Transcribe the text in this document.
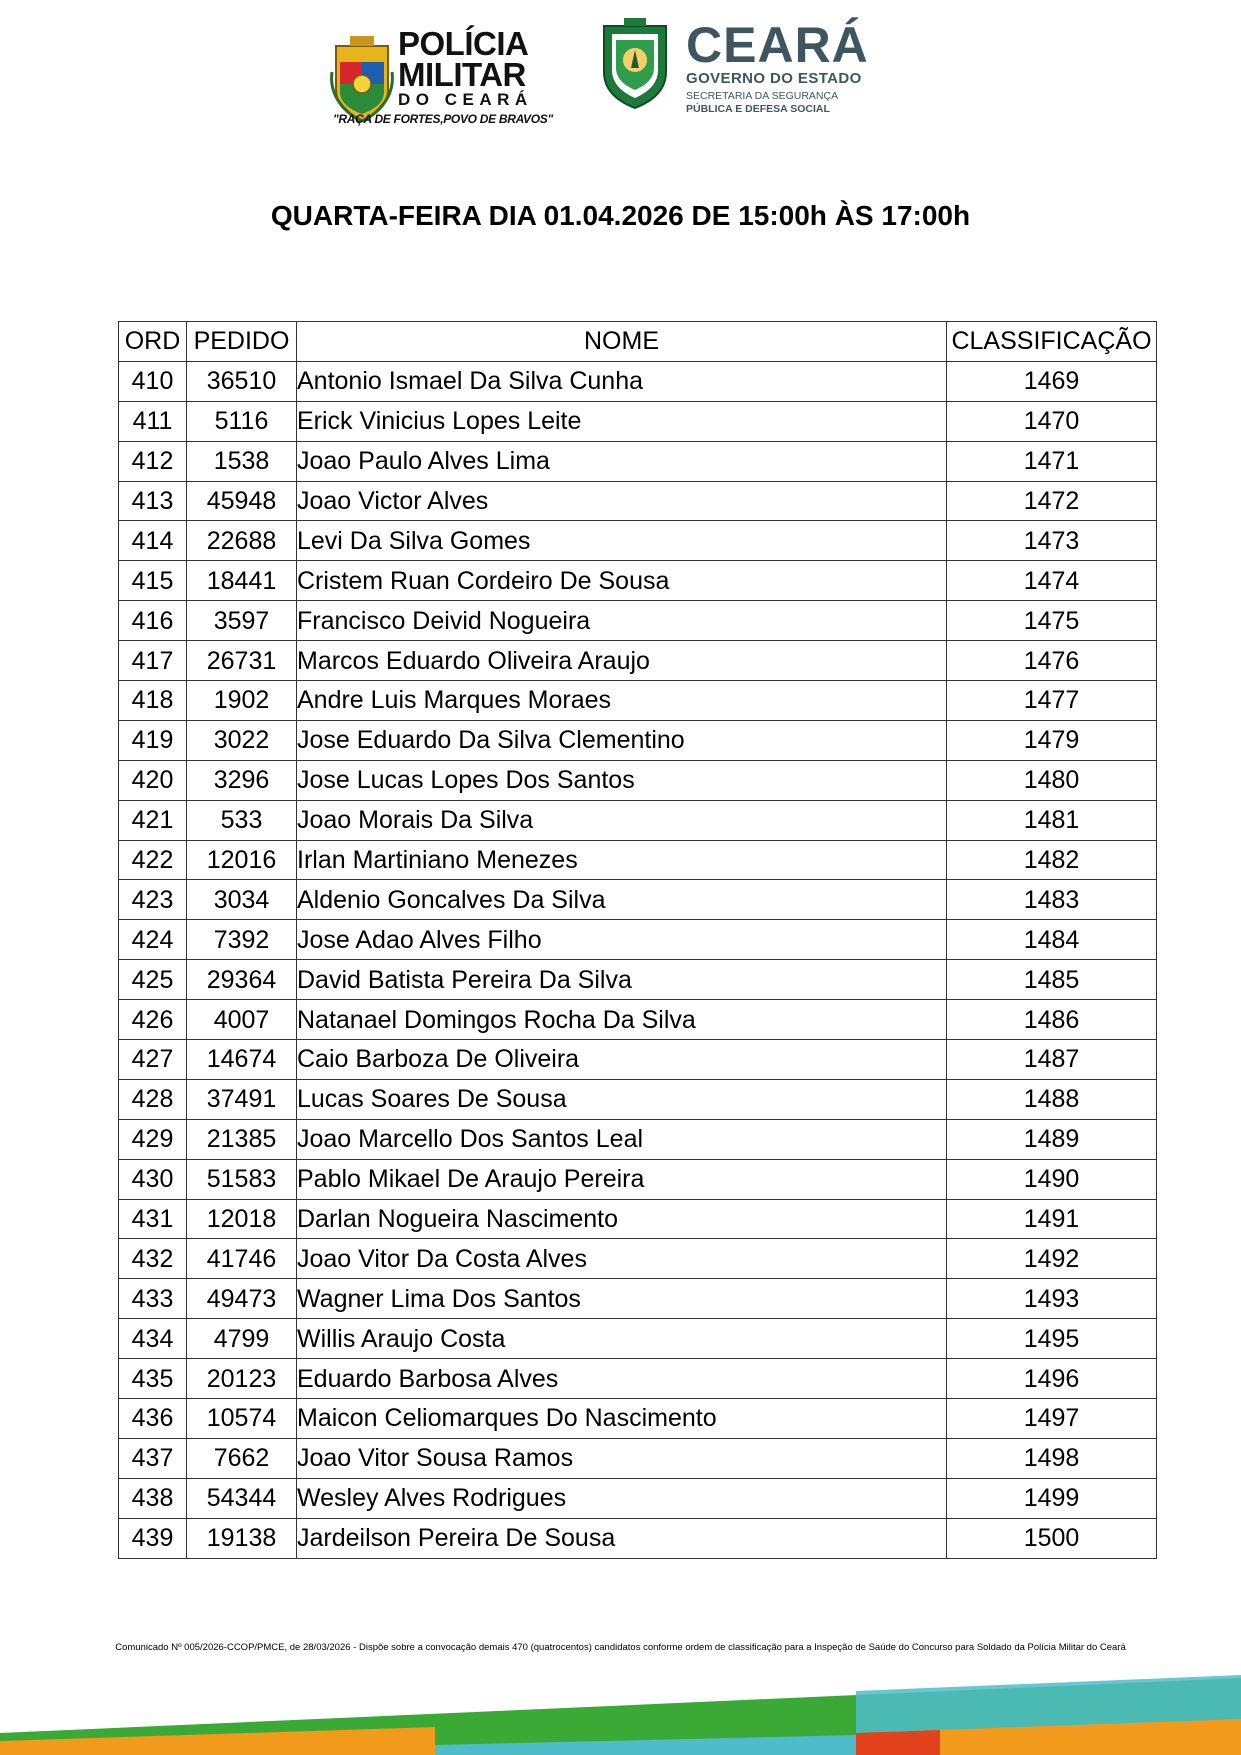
POLÍCIA
MILITAR
DO CEARÁ
"RAÇA DE FORTES,POVO DE BRAVOS"
CEARÁ
GOVERNO DO ESTADO
SECRETARIA DA SEGURANÇA
PÚBLICA E DEFESA SOCIAL
QUARTA-FEIRA DIA 01.04.2026 DE 15:00h ÀS 17:00h
ORD	PEDIDO	NOME	CLASSIFICAÇÃO
410	36510	Antonio Ismael Da Silva Cunha	1469
411	5116	Erick Vinicius Lopes Leite	1470
412	1538	Joao Paulo Alves Lima	1471
413	45948	Joao Victor Alves	1472
414	22688	Levi Da Silva Gomes	1473
415	18441	Cristem Ruan Cordeiro De Sousa	1474
416	3597	Francisco Deivid Nogueira	1475
417	26731	Marcos Eduardo Oliveira Araujo	1476
418	1902	Andre Luis Marques Moraes	1477
419	3022	Jose Eduardo Da Silva Clementino	1479
420	3296	Jose Lucas Lopes Dos Santos	1480
421	533	Joao Morais Da Silva	1481
422	12016	Irlan Martiniano Menezes	1482
423	3034	Aldenio Goncalves Da Silva	1483
424	7392	Jose Adao Alves Filho	1484
425	29364	David Batista Pereira Da Silva	1485
426	4007	Natanael Domingos Rocha Da Silva	1486
427	14674	Caio Barboza De Oliveira	1487
428	37491	Lucas Soares De Sousa	1488
429	21385	Joao Marcello Dos Santos Leal	1489
430	51583	Pablo Mikael De Araujo Pereira	1490
431	12018	Darlan Nogueira Nascimento	1491
432	41746	Joao Vitor Da Costa Alves	1492
433	49473	Wagner Lima Dos Santos	1493
434	4799	Willis Araujo Costa	1495
435	20123	Eduardo Barbosa Alves	1496
436	10574	Maicon Celiomarques Do Nascimento	1497
437	7662	Joao Vitor Sousa Ramos	1498
438	54344	Wesley Alves Rodrigues	1499
439	19138	Jardeilson Pereira De Sousa	1500
Comunicado Nº 005/2026-CCOP/PMCE, de 28/03/2026 - Dispõe sobre a convocação demais 470 (quatrocentos) candidatos conforme ordem de classificação para a Inspeção de Saúde do Concurso para Soldado da Polícia Militar do Ceará
